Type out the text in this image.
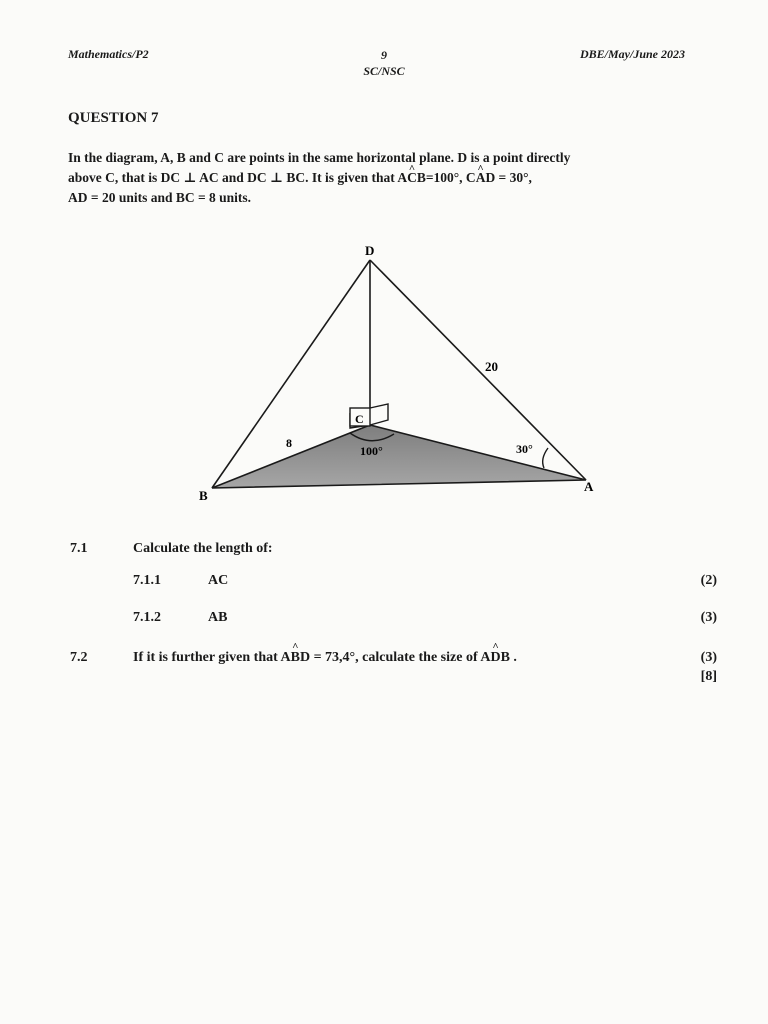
Mathematics/P2	9
SC/NSC
DBE/May/June 2023
QUESTION 7
In the diagram, A, B and C are points in the same horizontal plane. D is a point directly
above C, that is DC ⊥ AC and DC ⊥ BC. It is given that A^ CB=100°, C^ AD = 30°,
AD = 20 units and BC = 8 units.
D
B
A
C
20
8
100°	30°
7.1	Calculate the length of:
7.1.1	AC	(2)
7.1.2	AB	(3)
7.2	If it is further given that A^ BD = 73,4°, calculate the size of A^ DB .	(3)
[8]
